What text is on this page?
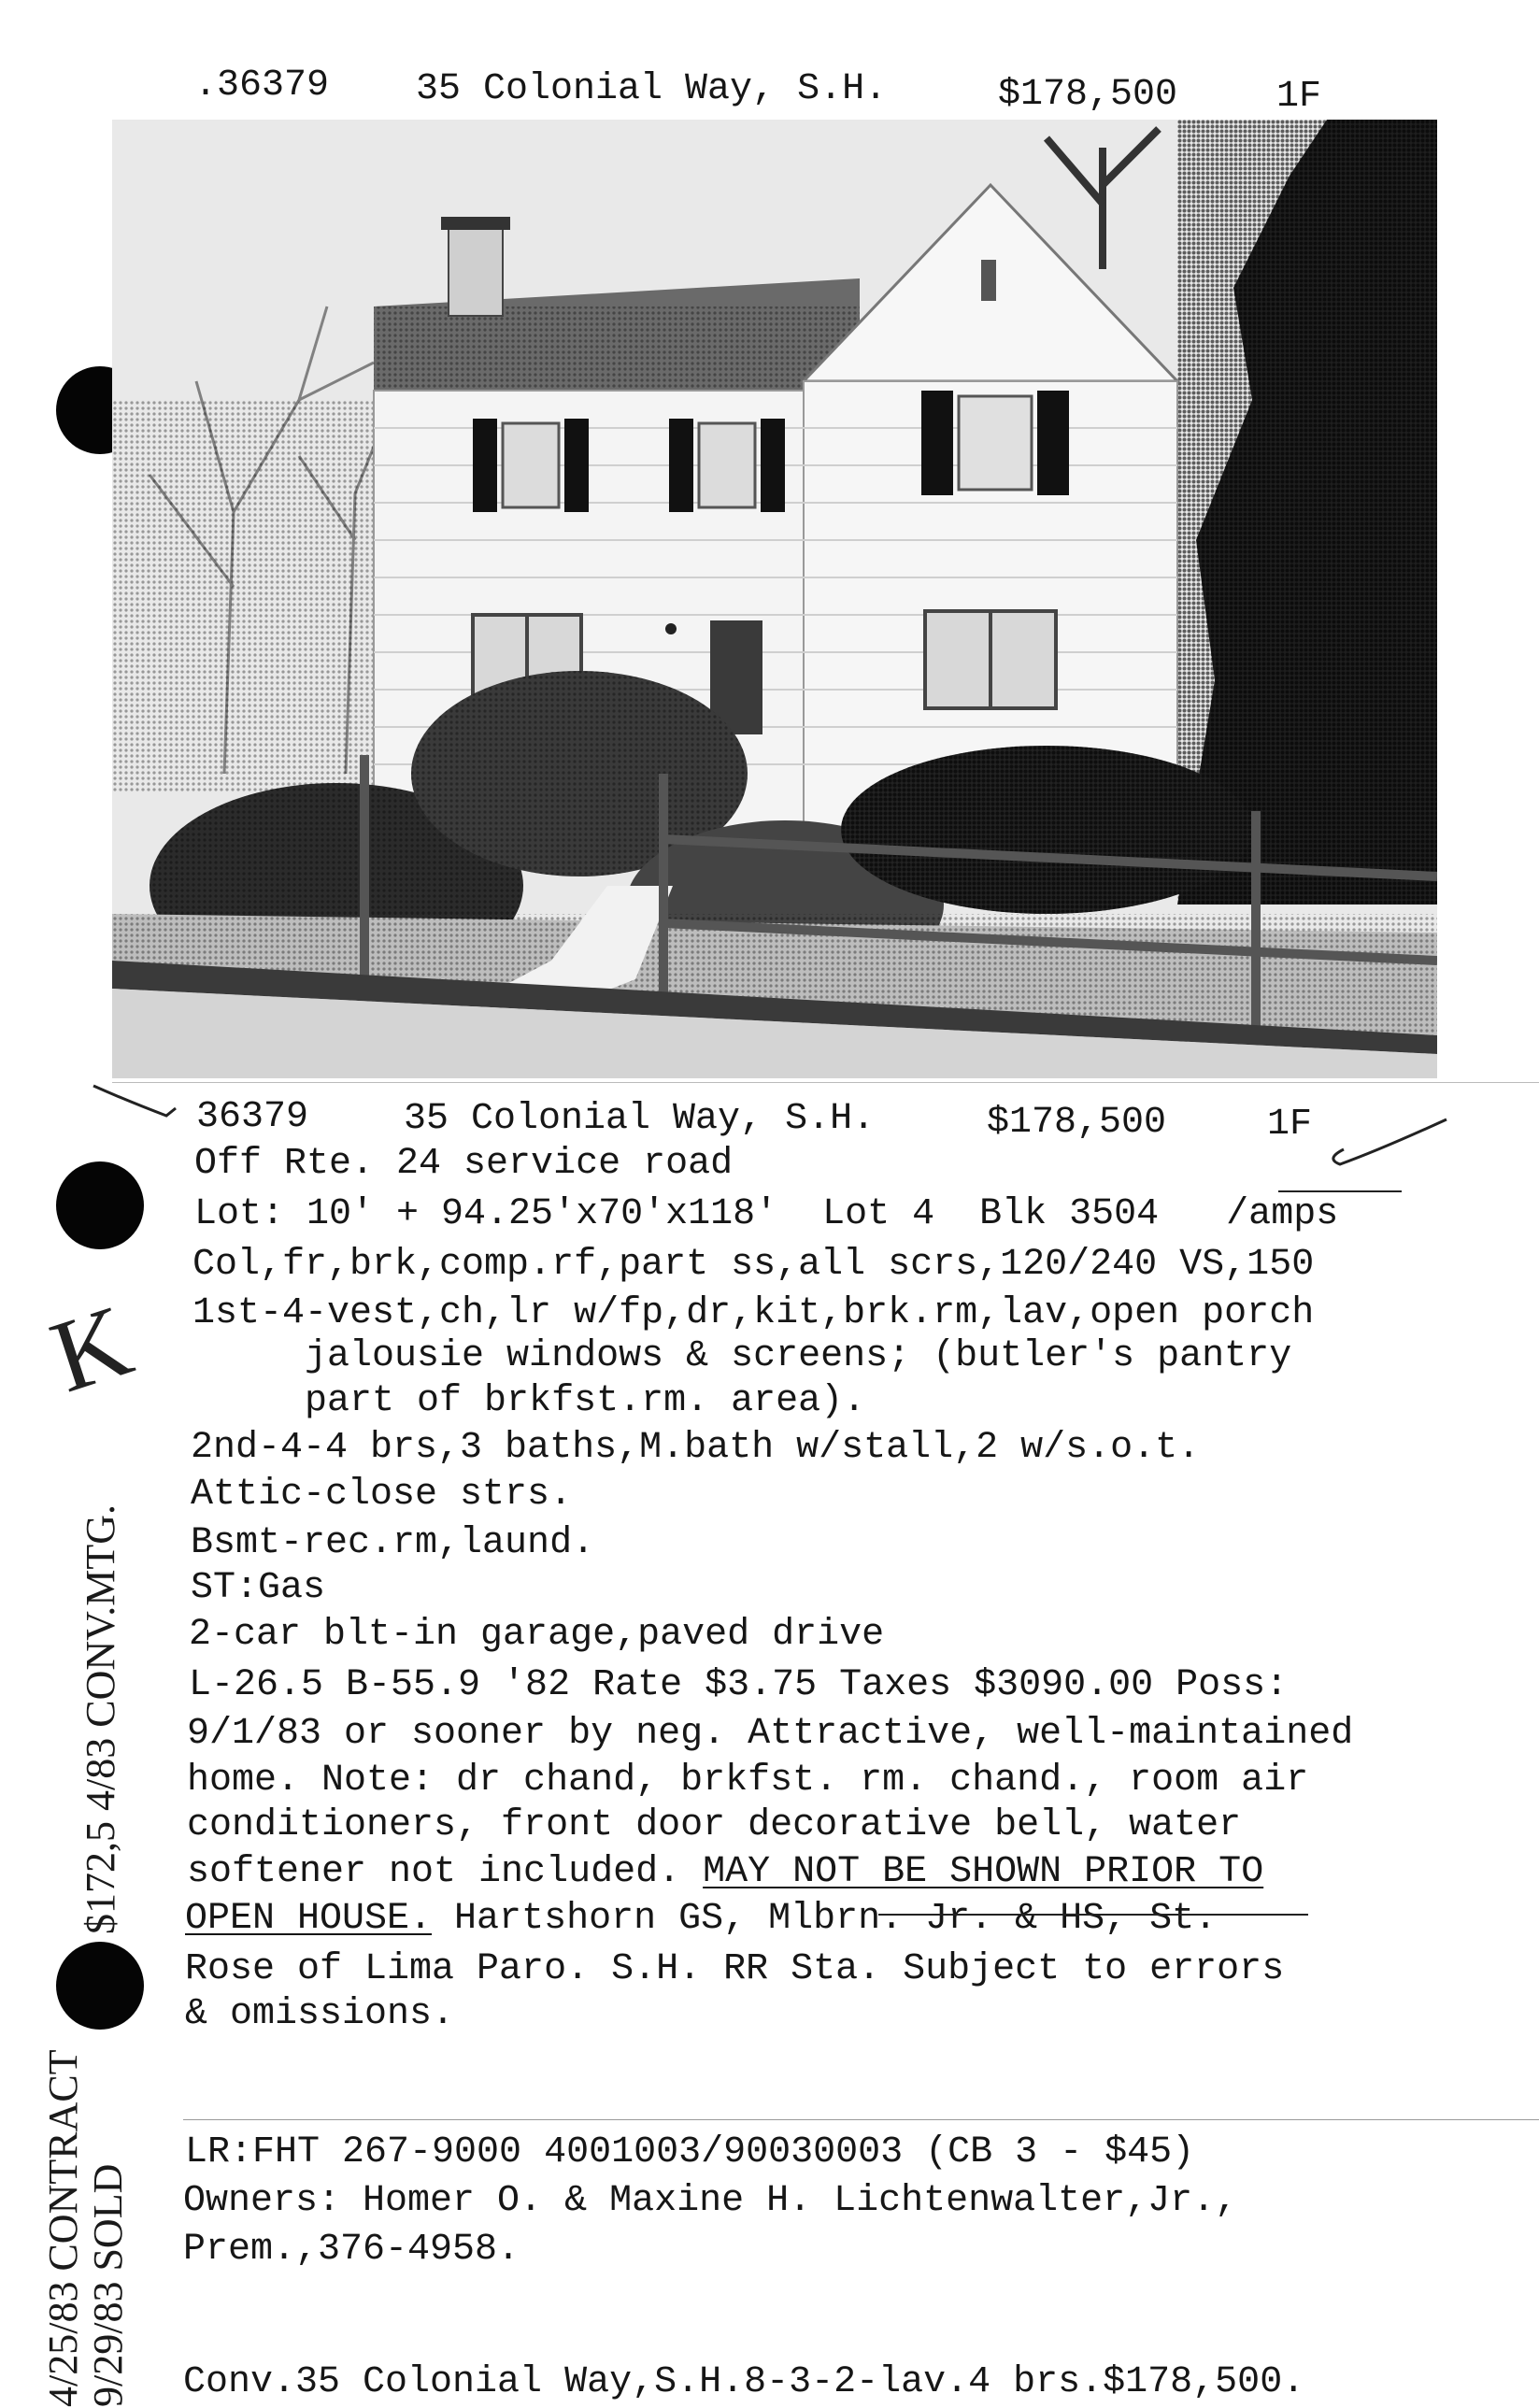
.36379 35 Colonial Way, S.H.	$178,500	1F
36379	35 Colonial Way, S.H.	$178,500	1F
Off Rte. 24 service road
Lot: 10' + 94.25'x70'x118'  Lot 4  Blk 3504   /amps
Col,fr,brk,comp.rf,part ss,all scrs,120/240 VS,150
1st-4-vest,ch,lr w/fp,dr,kit,brk.rm,lav,open porch
jalousie windows & screens; (butler's pantry
part of brkfst.rm. area).
2nd-4-4 brs,3 baths,M.bath w/stall,2 w/s.o.t.
Attic-close strs.
Bsmt-rec.rm,laund.
ST:Gas
2-car blt-in garage,paved drive
L-26.5 B-55.9 '82 Rate $3.75 Taxes $3090.00 Poss:
9/1/83 or sooner by neg. Attractive, well-maintained
home. Note: dr chand, brkfst. rm. chand., room air
conditioners, front door decorative bell, water
softener not included. MAY NOT BE SHOWN PRIOR TO
OPEN HOUSE. Hartshorn GS, Mlbrn. Jr. & HS, St.
Rose of Lima Paro. S.H. RR Sta. Subject to errors
& omissions.
LR:FHT 267-9000 4001003/90030003 (CB 3 - $45)
Owners: Homer O. & Maxine H. Lichtenwalter,Jr.,
Prem.,376-4958.
Conv.35 Colonial Way,S.H.8-3-2-lav.4 brs.$178,500.
K
$172,5 4/83 CONV.MTG.
4/25/83 CONTRACT 9/29/83 SOLD
